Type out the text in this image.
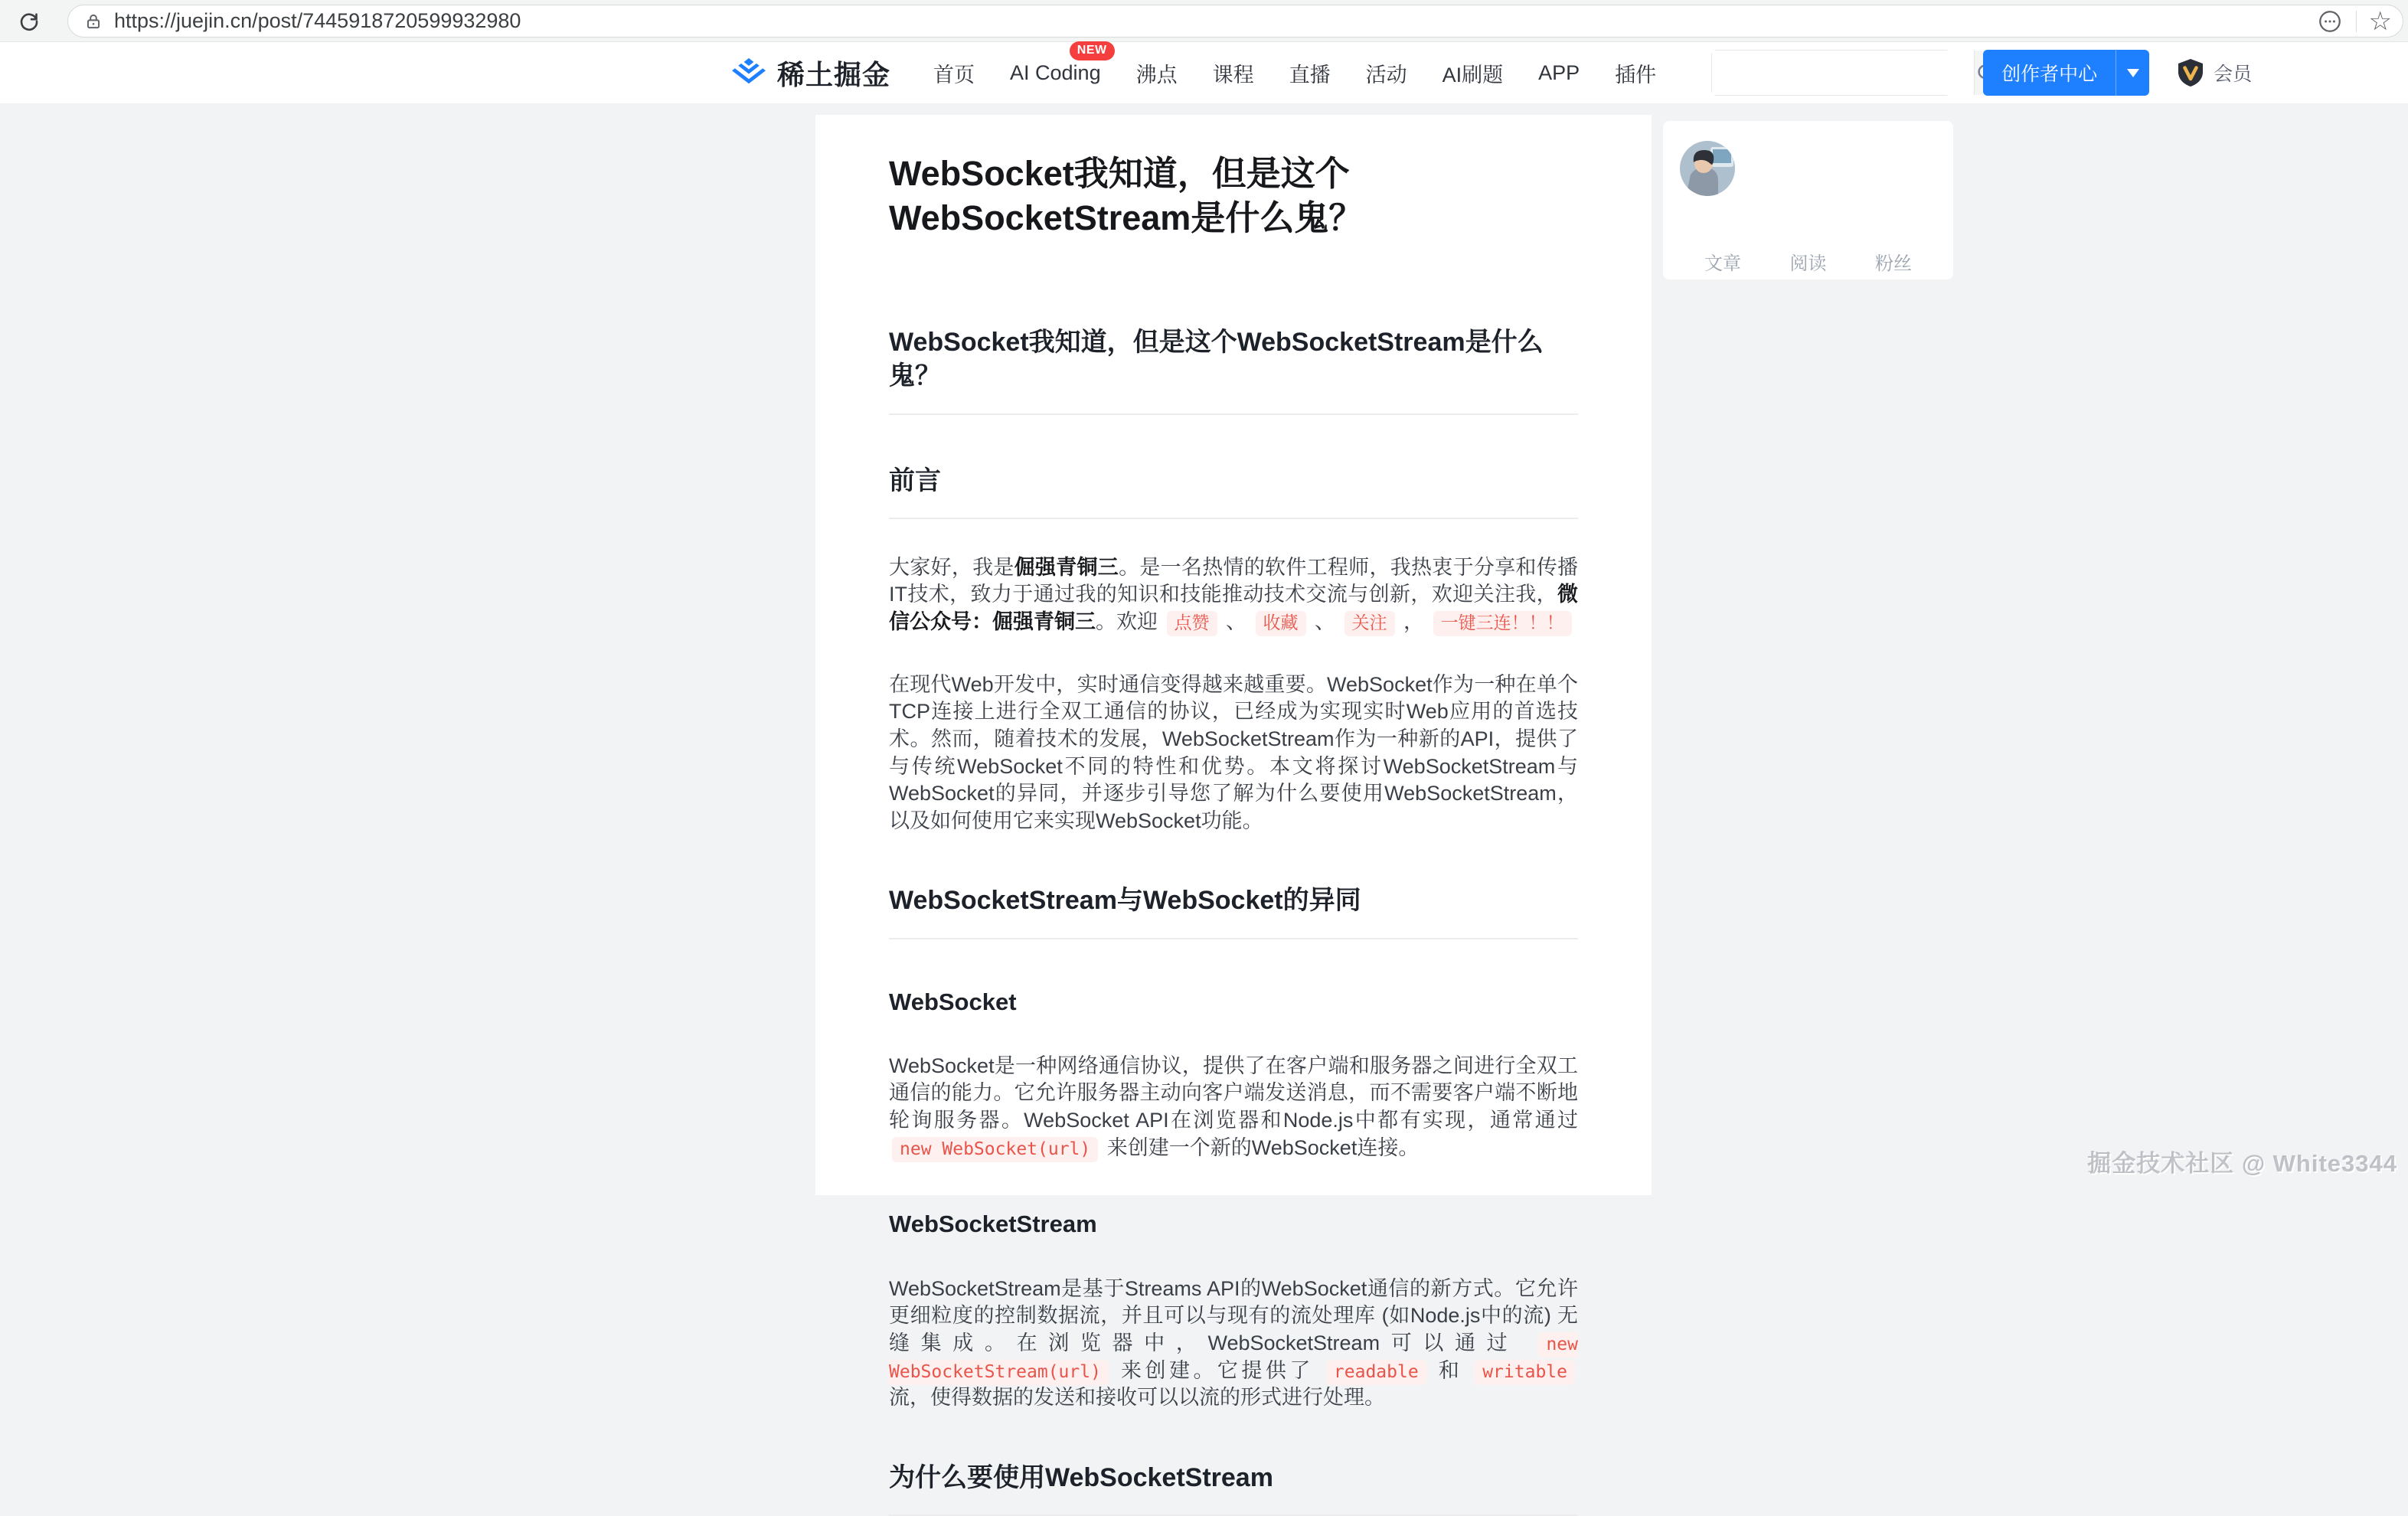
https://juejin.cn/post/7445918720599932980
☆
稀土掘金 首页 AI Coding
NEW
沸点 课程 直播 活动 AI刷题 APP 插件	创作者中心	会员
WebSocket我知道，但是这个WebSocketStream是什么鬼？
WebSocket我知道，但是这个WebSocketStream是什么鬼？
前言

大家好，我是倔强青铜三。是一名热情的软件工程师，我热衷于分享和传播IT技术，致力于通过我的知识和技能推动技术交流与创新，欢迎关注我，微信公众号：倔强青铜三。欢迎 点赞 、 收藏 、 关注 ， 一键三连！！！

在现代Web开发中，实时通信变得越来越重要。WebSocket作为一种在单个TCP连接上进行全双工通信的协议，已经成为实现实时Web应用的首选技术。然而，随着技术的发展，WebSocketStream作为一种新的API，提供了与传统WebSocket不同的特性和优势。本文将探讨WebSocketStream与WebSocket的异同，并逐步引导您了解为什么要使用WebSocketStream，以及如何使用它来实现WebSocket功能。

WebSocketStream与WebSocket的异同
WebSocket

WebSocket是一种网络通信协议，提供了在客户端和服务器之间进行全双工通信的能力。它允许服务器主动向客户端发送消息，而不需要客户端不断地轮询服务器。WebSocket API在浏览器和Node.js中都有实现，通常通过 new WebSocket(url) 来创建一个新的WebSocket连接。

WebSocketStream

WebSocketStream是基于Streams API的WebSocket通信的新方式。它允许更细粒度的控制数据流，并且可以与现有的流处理库 (如Node.js中的流) 无缝集成。在浏览器中，WebSocketStream可以通过 new WebSocketStream(url) 来创建。它提供了 readable 和 writable 流，使得数据的发送和接收可以以流的形式进行处理。

为什么要使用WebSocketStream
文章	阅读	粉丝
掘金技术社区 @ White3344
